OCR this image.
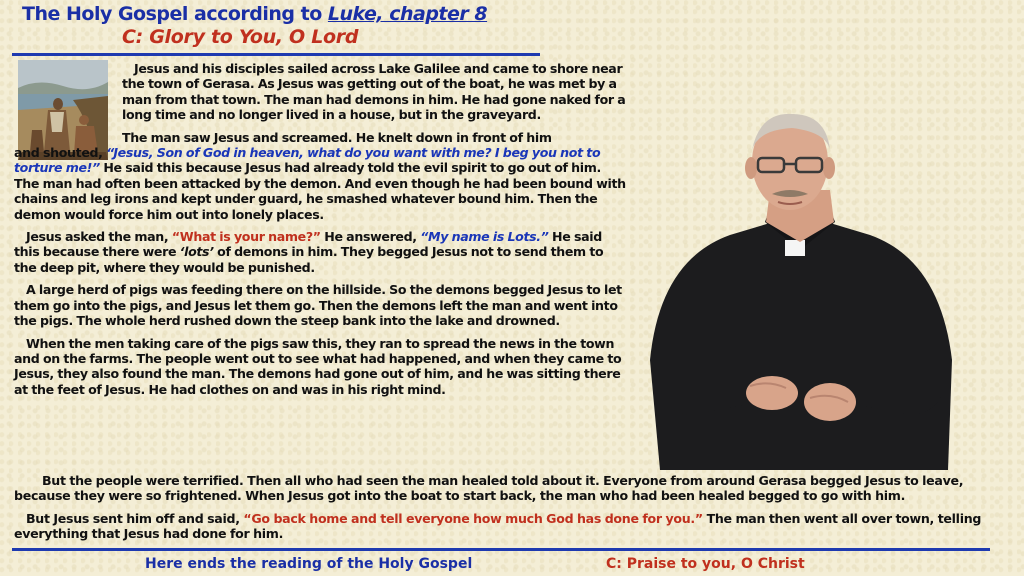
The Holy Gospel according to Luke, chapter 8
C: Glory to You, O Lord

Jesus and his disciples sailed across Lake Galilee and came to shore near the town of Gerasa. As Jesus was getting out of the boat, he was met by a man from that town. The man had demons in him. He had gone naked for a long time and no longer lived in a house, but in the graveyard.

The man saw Jesus and screamed. He knelt down in front of him

and shouted, “Jesus, Son of God in heaven, what do you want with me? I beg you not to torture me!” He said this because Jesus had already told the evil spirit to go out of him. The man had often been attacked by the demon. And even though he had been bound with chains and leg irons and kept under guard, he smashed whatever bound him. Then the demon would force him out into lonely places.

Jesus asked the man, “What is your name?” He answered, “My name is Lots.” He said this because there were ‘lots’ of demons in him. They begged Jesus not to send them to the deep pit, where they would be punished.

A large herd of pigs was feeding there on the hillside. So the demons begged Jesus to let them go into the pigs, and Jesus let them go. Then the demons left the man and went into the pigs. The whole herd rushed down the steep bank into the lake and drowned.

When the men taking care of the pigs saw this, they ran to spread the news in the town and on the farms. The people went out to see what had happened, and when they came to Jesus, they also found the man. The demons had gone out of him, and he was sitting there at the feet of Jesus. He had clothes on and was in his right mind.

But the people were terrified. Then all who had seen the man healed told about it. Everyone from around Gerasa begged Jesus to leave, because they were so frightened. When Jesus got into the boat to start back, the man who had been healed begged to go with him.

But Jesus sent him off and said, “Go back home and tell everyone how much God has done for you.” The man then went all over town, telling everything that Jesus had done for him.

Here ends the reading of the Holy Gospel	C: Praise to you, O Christ
